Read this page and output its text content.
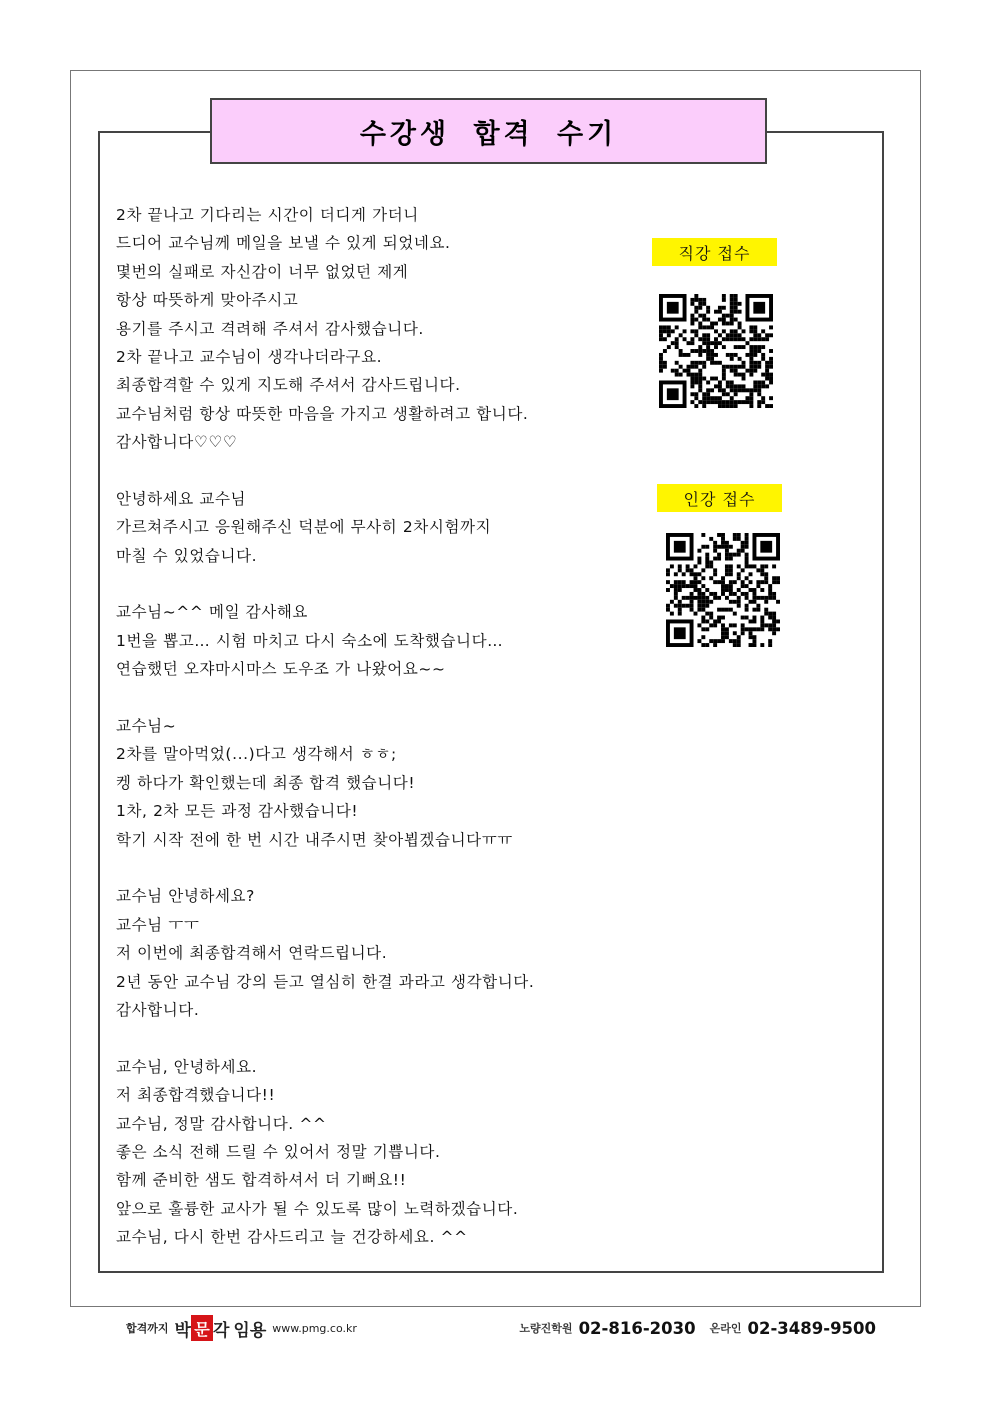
수강생 합격 수기
2차 끝나고 기다리는 시간이 더디게 가더니
드디어 교수님께 메일을 보낼 수 있게 되었네요.
몇번의 실패로 자신감이 너무 없었던 제게
항상 따뜻하게 맞아주시고
용기를 주시고 격려해 주셔서 감사했습니다.
2차 끝나고 교수님이 생각나더라구요.
최종합격할 수 있게 지도해 주셔서 감사드립니다.
교수님처럼 항상 따뜻한 마음을 가지고 생활하려고 합니다.
감사합니다♡♡♡
안녕하세요 교수님
가르쳐주시고 응원해주신 덕분에 무사히 2차시험까지
마칠 수 있었습니다.
교수님~^^ 메일 감사해요
1번을 뽑고… 시험 마치고 다시 숙소에 도착했습니다…
연습했던 오쟈마시마스 도우조 가 나왔어요~~
교수님~
2차를 말아먹었(...)다고 생각해서 ㅎㅎ;
켕 하다가 확인했는데 최종 합격 했습니다!
1차, 2차 모든 과정 감사했습니다!
학기 시작 전에 한 번 시간 내주시면 찾아뵙겠습니다ㅠㅠ
교수님 안녕하세요?
교수님 ㅜㅜ
저 이번에 최종합격해서 연락드립니다.
2년 동안 교수님 강의 듣고 열심히 한결 과라고 생각합니다.
감사합니다.
교수님, 안녕하세요.
저 최종합격했습니다!!
교수님, 정말 감사합니다. ^^
좋은 소식 전해 드릴 수 있어서 정말 기쁩니다.
함께 준비한 샘도 합격하셔서 더 기뻐요!!
앞으로 훌륭한 교사가 될 수 있도록 많이 노력하겠습니다.
교수님, 다시 한번 감사드리고 늘 건강하세요. ^^
직강 접수
인강 접수
합격까지 박 문 각 임용 www.pmg.co.kr	노량진학원 02-816-2030 온라인 02-3489-9500
